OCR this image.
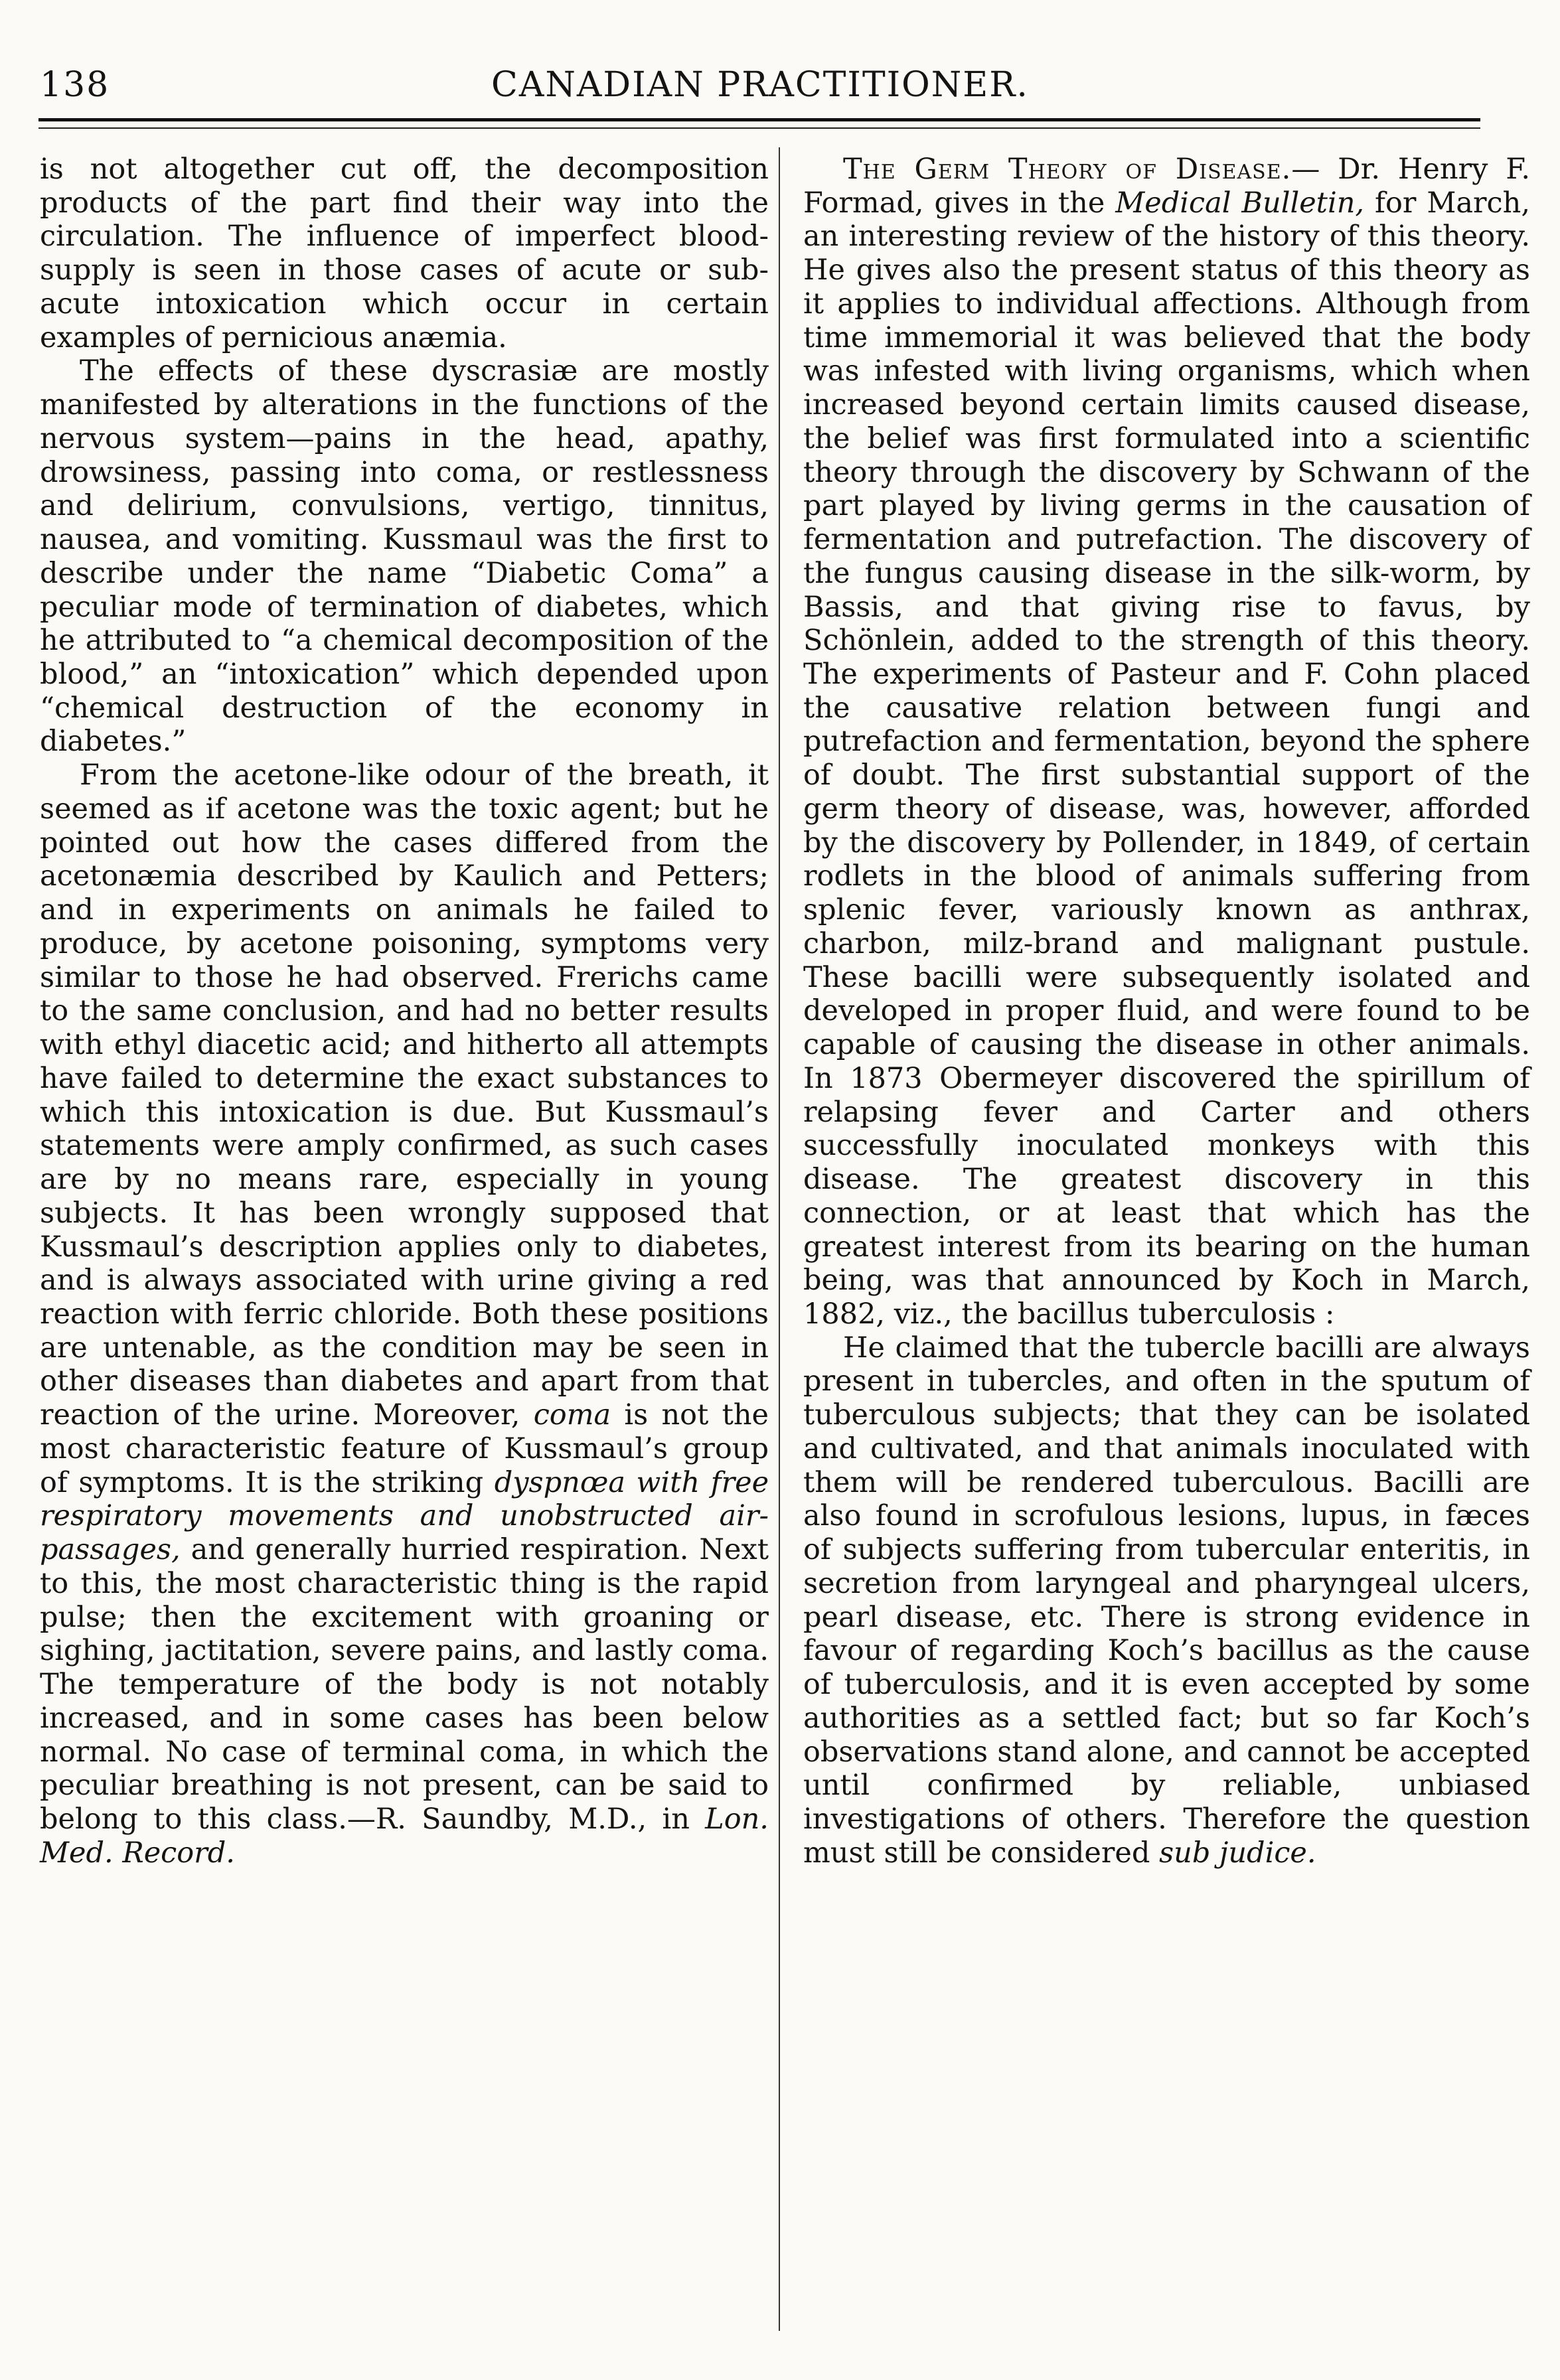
138	CANADIAN PRACTITIONER.

is not altogether cut off, the decomposition products of the part find their way into the circulation. The influence of imperfect blood-supply is seen in those cases of acute or sub-acute intoxication which occur in certain examples of pernicious anæmia.

The effects of these dyscrasiæ are mostly manifested by alterations in the functions of the nervous system—pains in the head, apathy, drowsiness, passing into coma, or restlessness and delirium, convulsions, vertigo, tinnitus, nausea, and vomiting. Kussmaul was the first to describe under the name “Diabetic Coma” a peculiar mode of termination of diabetes, which he attributed to “a chemical decomposition of the blood,” an “intoxication” which depended upon “chemical destruction of the economy in diabetes.”

From the acetone-like odour of the breath, it seemed as if acetone was the toxic agent; but he pointed out how the cases differed from the acetonæmia described by Kaulich and Petters; and in experiments on animals he failed to produce, by acetone poisoning, symptoms very similar to those he had observed. Frerichs came to the same conclusion, and had no better results with ethyl diacetic acid; and hitherto all attempts have failed to determine the exact substances to which this intoxication is due. But Kussmaul’s statements were amply confirmed, as such cases are by no means rare, especially in young subjects. It has been wrongly supposed that Kussmaul’s description applies only to diabetes, and is always associated with urine giving a red reaction with ferric chloride. Both these positions are untenable, as the condition may be seen in other diseases than diabetes and apart from that reaction of the urine. Moreover, coma is not the most characteristic feature of Kussmaul’s group of symptoms. It is the striking dyspnœa with free respiratory movements and unobstructed air-passages, and generally hurried respiration. Next to this, the most characteristic thing is the rapid pulse; then the excitement with groaning or sighing, jactitation, severe pains, and lastly coma. The temperature of the body is not notably increased, and in some cases has been below normal. No case of terminal coma, in which the peculiar breathing is not present, can be said to belong to this class.—R. Saundby, M.D., in Lon. Med. Record.

The Germ Theory of Disease.— Dr. Henry F. Formad, gives in the Medical Bulletin, for March, an interesting review of the history of this theory. He gives also the present status of this theory as it applies to individual affections. Although from time immemorial it was believed that the body was infested with living organisms, which when increased beyond certain limits caused disease, the belief was first formulated into a scientific theory through the discovery by Schwann of the part played by living germs in the causation of fermentation and putrefaction. The discovery of the fungus causing disease in the silk-worm, by Bassis, and that giving rise to favus, by Schönlein, added to the strength of this theory. The experiments of Pasteur and F. Cohn placed the causative relation between fungi and putrefaction and fermentation, beyond the sphere of doubt. The first substantial support of the germ theory of disease, was, however, afforded by the discovery by Pollender, in 1849, of certain rodlets in the blood of animals suffering from splenic fever, variously known as anthrax, charbon, milz-brand and malignant pustule. These bacilli were subsequently isolated and developed in proper fluid, and were found to be capable of causing the disease in other animals. In 1873 Obermeyer discovered the spirillum of relapsing fever and Carter and others successfully inoculated monkeys with this disease. The greatest discovery in this connection, or at least that which has the greatest interest from its bearing on the human being, was that announced by Koch in March, 1882, viz., the bacillus tuberculosis :

He claimed that the tubercle bacilli are always present in tubercles, and often in the sputum of tuberculous subjects; that they can be isolated and cultivated, and that animals inoculated with them will be rendered tuberculous. Bacilli are also found in scrofulous lesions, lupus, in fæces of subjects suffering from tubercular enteritis, in secretion from laryngeal and pharyngeal ulcers, pearl disease, etc. There is strong evidence in favour of regarding Koch’s bacillus as the cause of tuberculosis, and it is even accepted by some authorities as a settled fact; but so far Koch’s observations stand alone, and cannot be accepted until confirmed by reliable, unbiased investigations of others. Therefore the question must still be considered sub judice.
